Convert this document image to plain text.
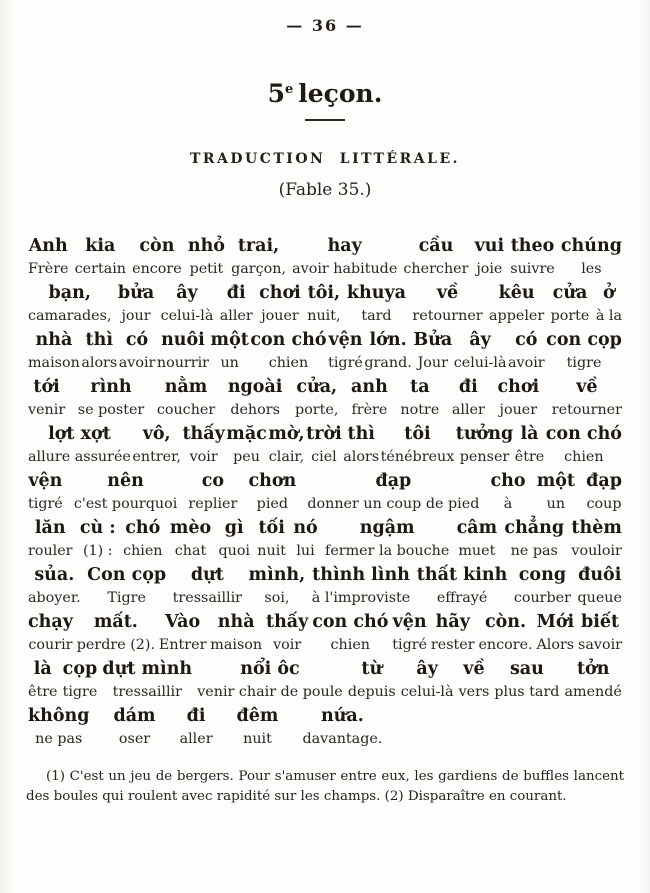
— 36 —
5e leçon.
TRADUCTION LITTÉRALE.
(Fable 35.)
Anh
Frère
kia
certain
còn
encore
nhỏ
petit
trai,
garçon,
hay
avoir habitude
cầu
chercher
vui
joie
theo
suivre
chúng
les
bạn,
camarades,
bửa
jour
ây
celui-là
đi
aller
chơi
jouer
tôi,
nuit,
khuya
tard
về
retourner
kêu
appeler
cửa
porte
ở
à la
nhà
maison
thì
alors
có
avoir
nuôi
nourrir
một
un
con chó
chien
vện
tigré
lớn.
grand.
Bửa
Jour
ây
celui-là
có
avoir
con cọp
tigre
tới
venir
rình
se poster
nằm
coucher
ngoài
dehors
cửa,
porte,
anh
frère
ta
notre
đi
aller
chơi
jouer
về
retourner
lợt xợt
allure assurée
vô,
entrer,
thấy
voir
mặc
peu
mờ,
clair,
trời
ciel
thì
alors
tôi
ténébreux
tưởng
penser
là
être
con chó
chien
vện
tigré
nên
c'est pourquoi
co
replier
chơn
pied
đạp
donner un coup de pied
cho
à
một
un
đạp
coup
lăn
rouler
cù :
(1) :
chó
chien
mèo
chat
gì
quoi
tối
nuit
nó
lui
ngậm
fermer la bouche
câm
muet
chẳng
ne pas
thèm
vouloir
sủa.
aboyer.
Con cọp
Tigre
dựt
tressaillir
mình,
soi,
thình lình
à l'improviste
thất kinh
effrayé
cong
courber
đuôi
queue
chạy
courir
mất.
perdre (2).
Vào
Entrer
nhà
maison
thấy
voir
con chó
chien
vện
tigré
hãy
rester
còn.
encore.
Mới
Alors
biết
savoir
là
être
cọp
tigre
dựt mình
tressaillir
nổi ôc
venir chair de poule
từ
depuis
ây
celui-là
về
vers
sau
plus tard
tởn
amendé
không
ne pas
dám
oser
đi
aller
đêm
nuit
nứa.
davantage.
(1) C'est un jeu de bergers. Pour s'amuser entre eux, les gardiens de buffles lancent des boules qui roulent avec rapidité sur les champs. (2) Disparaître en courant.
